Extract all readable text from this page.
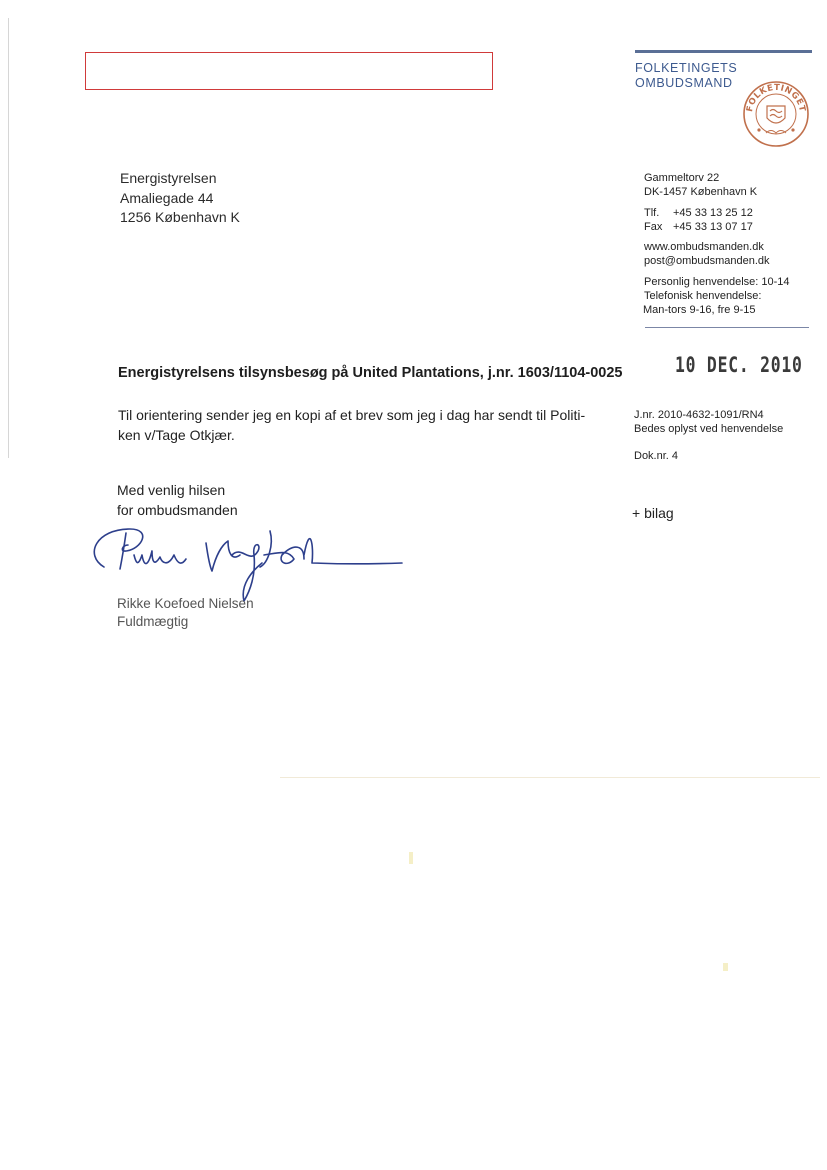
FOLKETINGETS
OMBUDSMAND
FOLKETINGET
Energistyrelsen
Amaliegade 44
1256 København K
Gammeltorv 22
DK-1457 København K
Tlf. +45 33 13 25 12
Fax +45 33 13 07 17
www.ombudsmanden.dk
post@ombudsmanden.dk
Personlig henvendelse: 10-14
Telefonisk henvendelse:
Man-tors 9-16, fre 9-15
Energistyrelsens tilsynsbesøg på United Plantations, j.nr. 1603/1104-0025	10 DEC. 2010
Til orientering sender jeg en kopi af et brev som jeg i dag har sendt til Politi-
ken v/Tage Otkjær.
J.nr. 2010-4632-1091/RN4
Bedes oplyst ved henvendelse
Dok.nr. 4
Med venlig hilsen
for ombudsmanden
Rikke Koefoed Nielsen
Fuldmægtig
+ bilag
